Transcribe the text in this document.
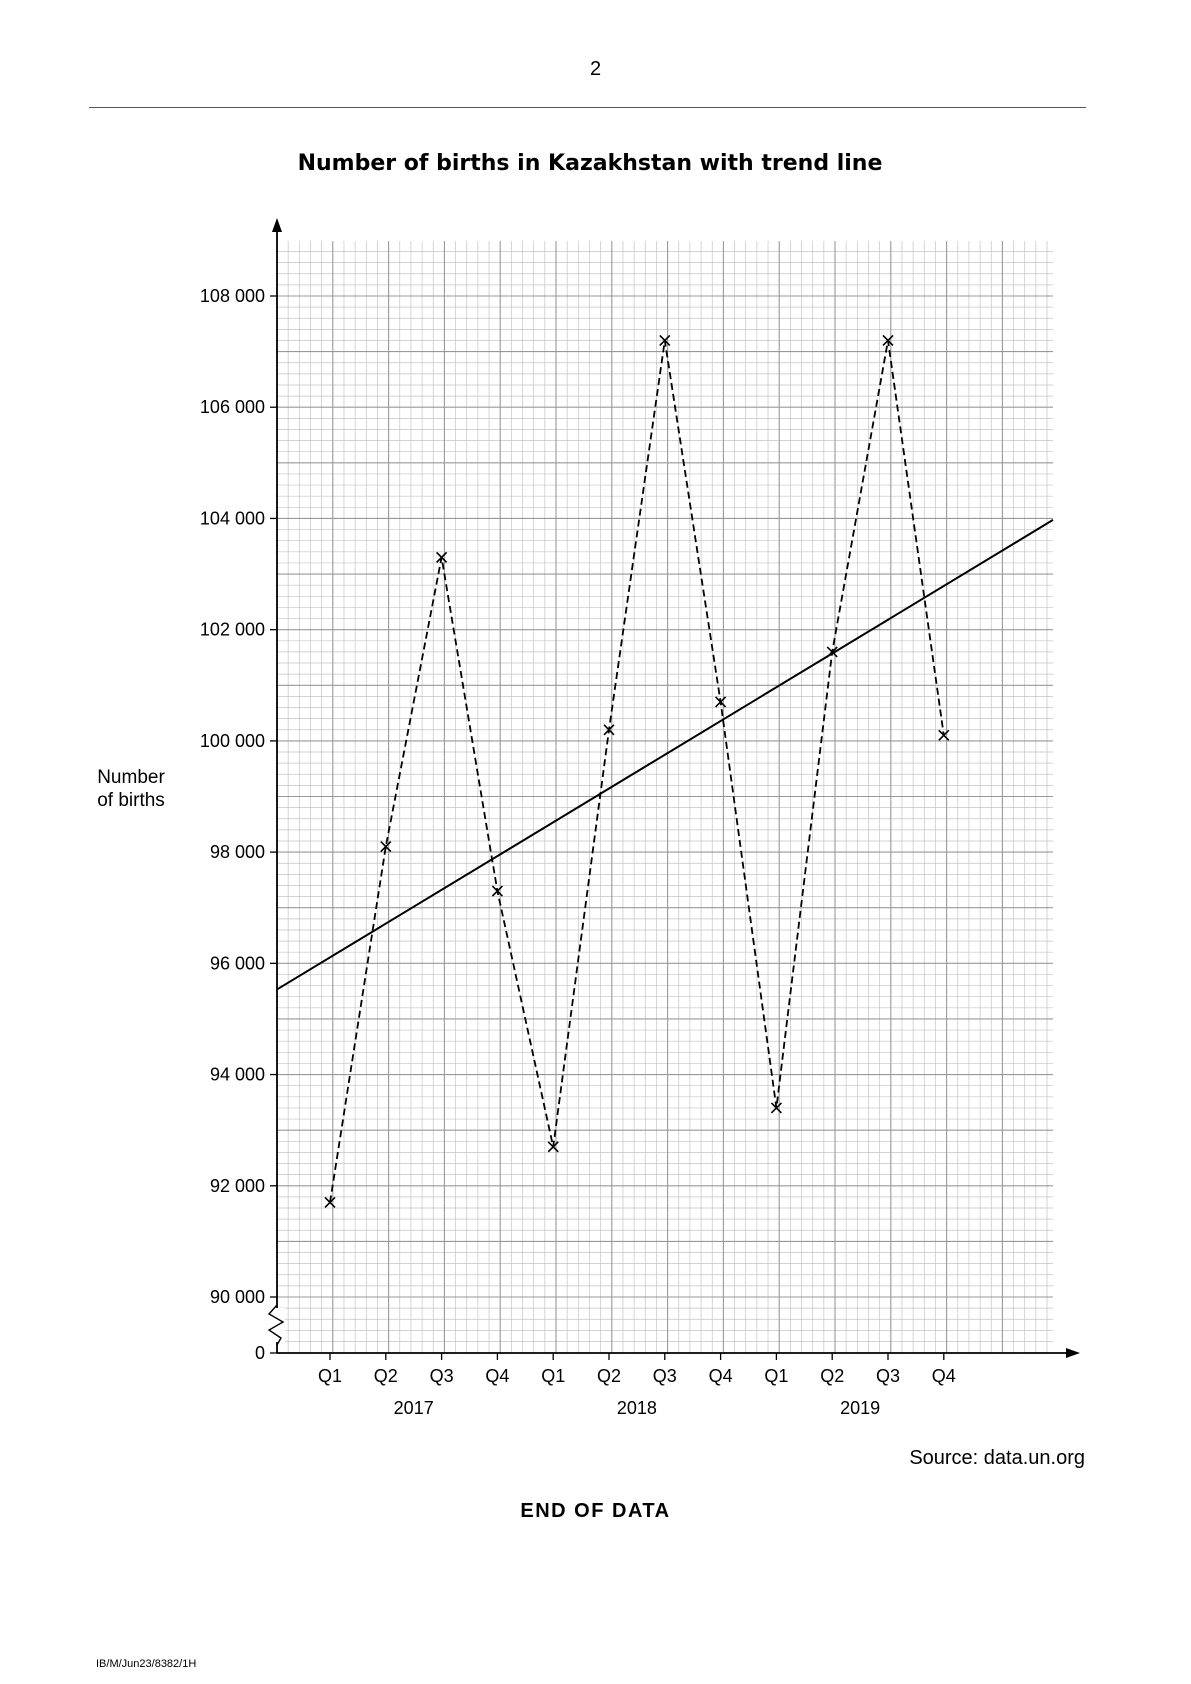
2
Number of births in Kazakhstan with trend line
90 000
92 000
94 000
96 000
98 000
100 000
102 000
104 000
106 000
108 000
0
Q1 Q2 Q3 Q4 Q1 Q2 Q3 Q4 Q1 Q2 Q3 Q4
2017	2018	2019
Number
of births
Source: data.un.org
END OF DATA
IB/M/Jun23/8382/1H
